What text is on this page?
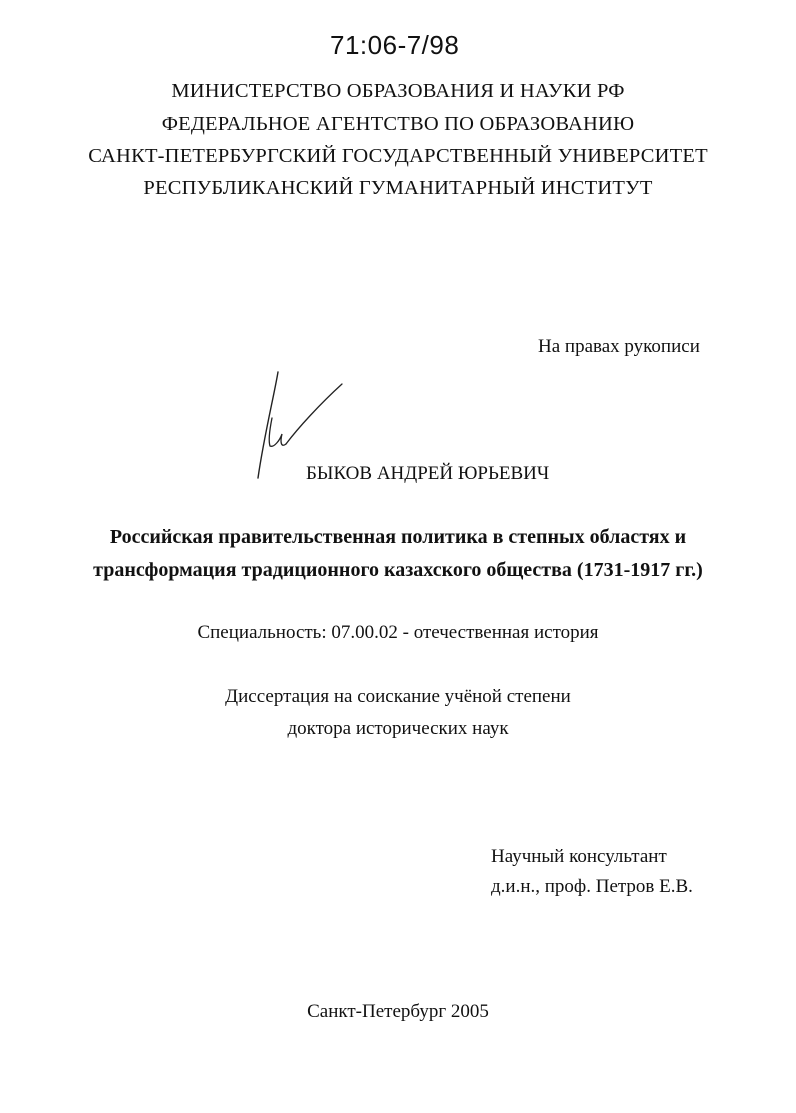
71:06-7/98
МИНИСТЕРСТВО ОБРАЗОВАНИЯ И НАУКИ РФ
ФЕДЕРАЛЬНОЕ АГЕНТСТВО ПО ОБРАЗОВАНИЮ
САНКТ-ПЕТЕРБУРГСКИЙ ГОСУДАРСТВЕННЫЙ УНИВЕРСИТЕТ
РЕСПУБЛИКАНСКИЙ ГУМАНИТАРНЫЙ ИНСТИТУТ
На правах рукописи
БЫКОВ АНДРЕЙ ЮРЬЕВИЧ
Российская правительственная политика в степных областях и
трансформация традиционного казахского общества (1731-1917 гг.)
Специальность: 07.00.02 - отечественная история
Диссертация на соискание учёной степени
доктора исторических наук
Научный консультант
д.и.н., проф. Петров Е.В.
Санкт-Петербург 2005
